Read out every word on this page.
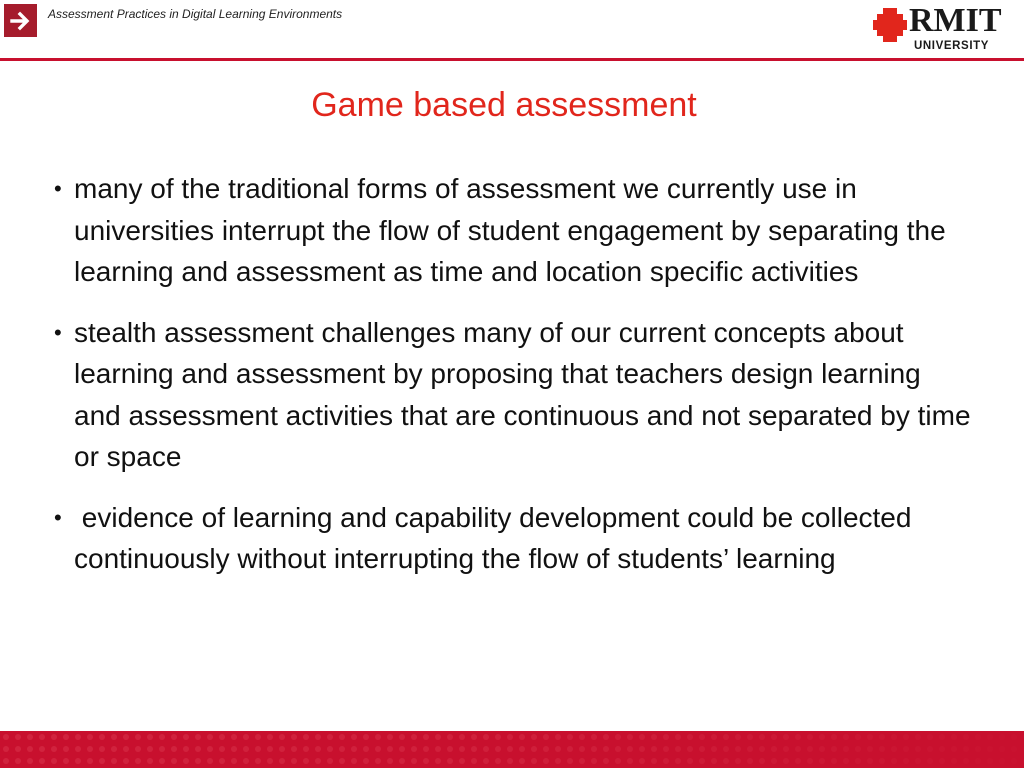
Assessment Practices in Digital Learning Environments	RMIT
UNIVERSITY
Game based assessment
• many of the traditional forms of assessment we currently use in universities interrupt the flow of student engagement by separating the learning and assessment as time and location specific activities
• stealth assessment challenges many of our current concepts about learning and assessment by proposing that teachers design learning and assessment activities that are continuous and not separated by time or space
• evidence of learning and capability development could be collected continuously without interrupting the flow of students’ learning
